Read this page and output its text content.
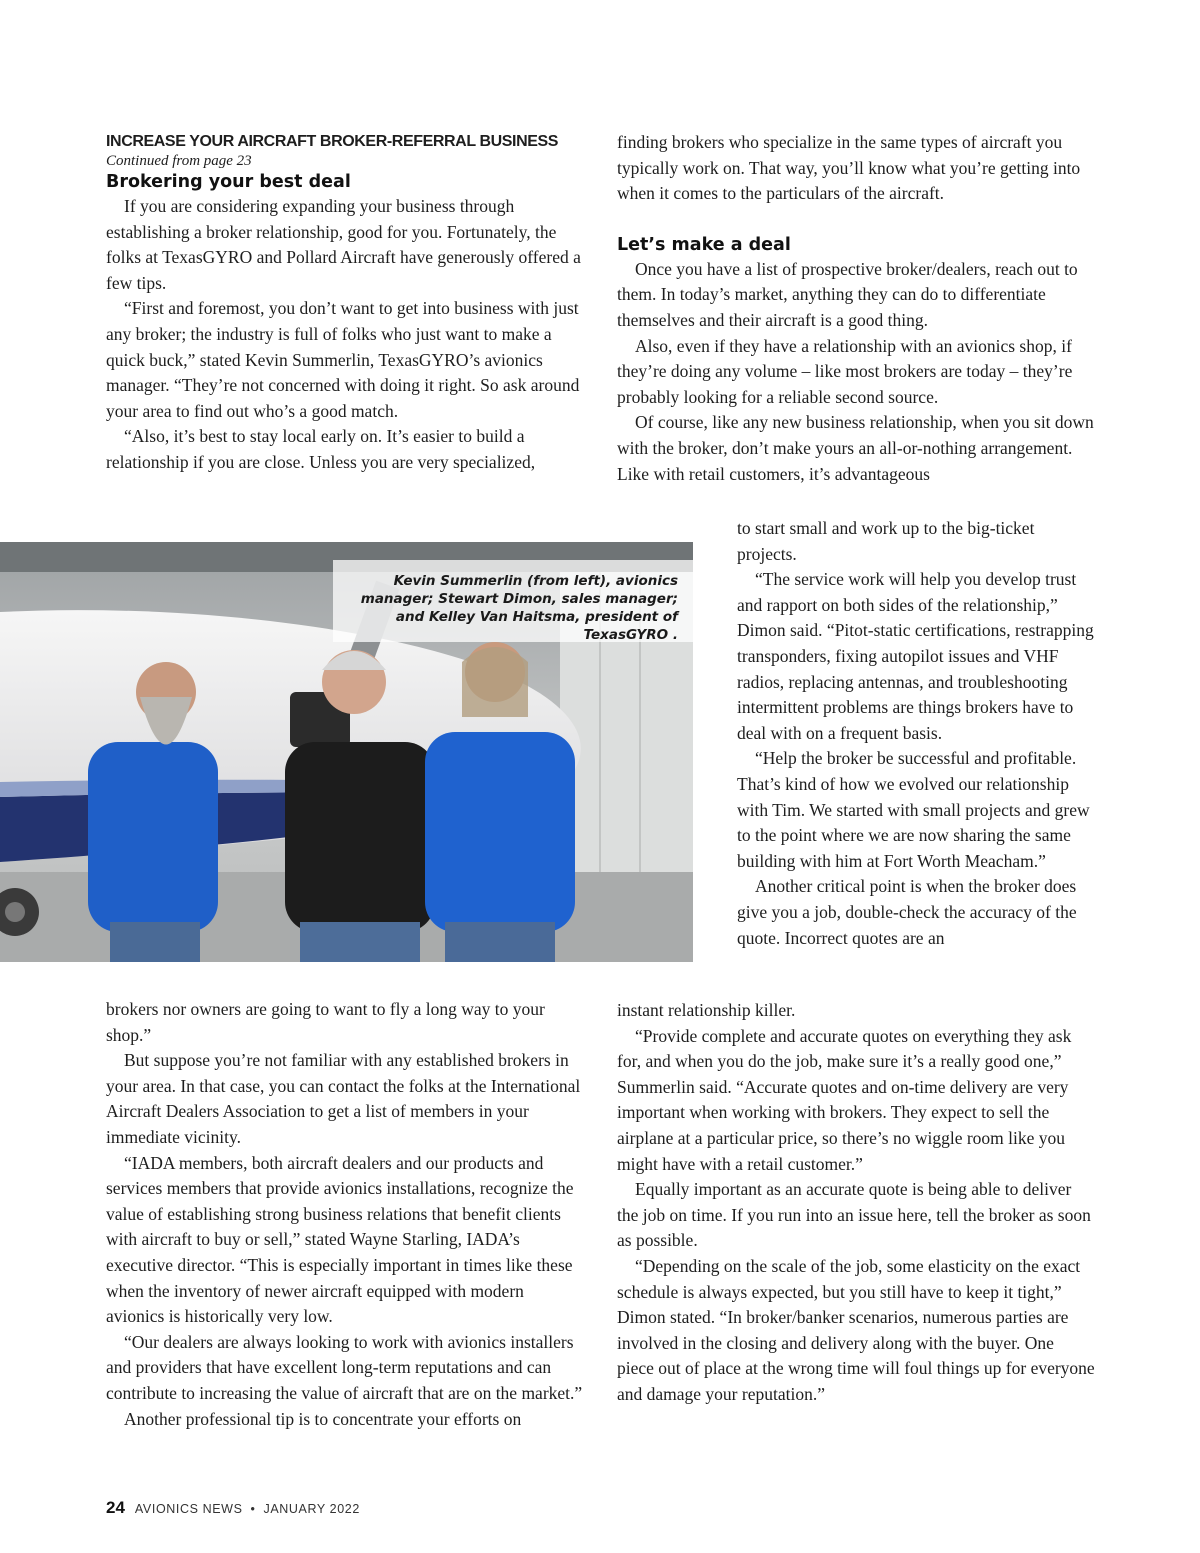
INCREASE YOUR AIRCRAFT BROKER-REFERRAL BUSINESS

Continued from page 23

Brokering your best deal

If you are considering expanding your business through establishing a broker relationship, good for you. Fortunately, the folks at TexasGYRO and Pollard Aircraft have generously offered a few tips.

“First and foremost, you don’t want to get into business with just any broker; the industry is full of folks who just want to make a quick buck,” stated Kevin Summerlin, TexasGYRO’s avionics manager. “They’re not concerned with doing it right. So ask around your area to find out who’s a good match.

“Also, it’s best to stay local early on. It’s easier to build a relationship if you are close. Unless you are very specialized,

Kevin Summerlin (from left), avionics manager; Stewart Dimon, sales manager; and Kelley Van Haitsma, president of TexasGYRO .

brokers nor owners are going to want to fly a long way to your shop.”

But suppose you’re not familiar with any established brokers in your area. In that case, you can contact the folks at the International Aircraft Dealers Association to get a list of members in your immediate vicinity.

“IADA members, both aircraft dealers and our products and services members that provide avionics installations, recognize the value of establishing strong business relations that benefit clients with aircraft to buy or sell,” stated Wayne Starling, IADA’s executive director. “This is especially important in times like these when the inventory of newer aircraft equipped with modern avionics is historically very low.

“Our dealers are always looking to work with avionics installers and providers that have excellent long-term reputations and can contribute to increasing the value of aircraft that are on the market.”

Another professional tip is to concentrate your efforts on

finding brokers who specialize in the same types of aircraft you typically work on. That way, you’ll know what you’re getting into when it comes to the particulars of the aircraft.

Let’s make a deal

Once you have a list of prospective broker/dealers, reach out to them. In today’s market, anything they can do to differentiate themselves and their aircraft is a good thing.

Also, even if they have a relationship with an avionics shop, if they’re doing any volume – like most brokers are today – they’re probably looking for a reliable second source.

Of course, like any new business relationship, when you sit down with the broker, don’t make yours an all-or-nothing arrangement. Like with retail customers, it’s advantageous

to start small and work up to the big-ticket projects.

“The service work will help you develop trust and rapport on both sides of the relationship,” Dimon said. “Pitot-static certifications, restrapping transponders, fixing autopilot issues and VHF radios, replacing antennas, and troubleshooting intermittent problems are things brokers have to deal with on a frequent basis.

“Help the broker be successful and profitable. That’s kind of how we evolved our relationship with Tim. We started with small projects and grew to the point where we are now sharing the same building with him at Fort Worth Meacham.”

Another critical point is when the broker does give you a job, double-check the accuracy of the quote. Incorrect quotes are an

instant relationship killer.

“Provide complete and accurate quotes on everything they ask for, and when you do the job, make sure it’s a really good one,” Summerlin said. “Accurate quotes and on-time delivery are very important when working with brokers. They expect to sell the airplane at a particular price, so there’s no wiggle room like you might have with a retail customer.”

Equally important as an accurate quote is being able to deliver the job on time. If you run into an issue here, tell the broker as soon as possible.

“Depending on the scale of the job, some elasticity on the exact schedule is always expected, but you still have to keep it tight,” Dimon stated. “In broker/banker scenarios, numerous parties are involved in the closing and delivery along with the buyer. One piece out of place at the wrong time will foul things up for everyone and damage your reputation.”

24 AVIONICS NEWS • JANUARY 2022
